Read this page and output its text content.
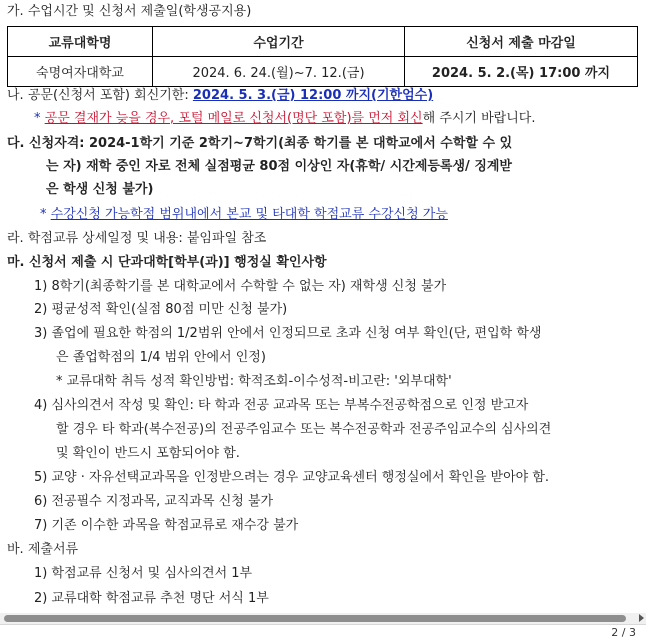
가. 수업시간 및 신청서 제출일(학생공지용)
교류대학명	수업기간	신청서 제출 마감일
숙명여자대학교	2024. 6. 24.(월)~7. 12.(금)	2024. 5. 2.(목) 17:00 까지
나. 공문(신청서 포함) 회신기한: 2024. 5. 3.(금) 12:00 까지(기한엄수)
* 공문 결재가 늦을 경우, 포털 메일로 신청서(명단 포함)를 먼저 회신해 주시기 바랍니다.
다. 신청자격: 2024-1학기 기준 2학기~7학기(최종 학기를 본 대학교에서 수학할 수 있
는 자) 재학 중인 자로 전체 실점평균 80점 이상인 자(휴학/ 시간제등록생/ 징계받
은 학생 신청 불가)
* 수강신청 가능학점 범위내에서 본교 및 타대학 학점교류 수강신청 가능
라. 학점교류 상세일정 및 내용: 붙임파일 참조
마. 신청서 제출 시 단과대학[학부(과)] 행정실 확인사항
1) 8학기(최종학기를 본 대학교에서 수학할 수 없는 자) 재학생 신청 불가
2) 평균성적 확인(실점 80점 미만 신청 불가)
3) 졸업에 필요한 학점의 1/2범위 안에서 인정되므로 초과 신청 여부 확인(단, 편입학 학생
은 졸업학점의 1/4 범위 안에서 인정)
* 교류대학 취득 성적 확인방법: 학적조회-이수성적-비고란: '외부대학'
4) 심사의견서 작성 및 확인: 타 학과 전공 교과목 또는 부복수전공학점으로 인정 받고자
할 경우 타 학과(복수전공)의 전공주임교수 또는 복수전공학과 전공주임교수의 심사의견
및 확인이 반드시 포함되어야 함.
5) 교양 · 자유선택교과목을 인정받으려는 경우 교양교육센터 행정실에서 확인을 받아야 함.
6) 전공필수 지정과목, 교직과목 신청 불가
7) 기존 이수한 과목을 학점교류로 재수강 불가
바. 제출서류
1) 학점교류 신청서 및 심사의견서 1부
2) 교류대학 학점교류 추천 명단 서식 1부
2 / 3
